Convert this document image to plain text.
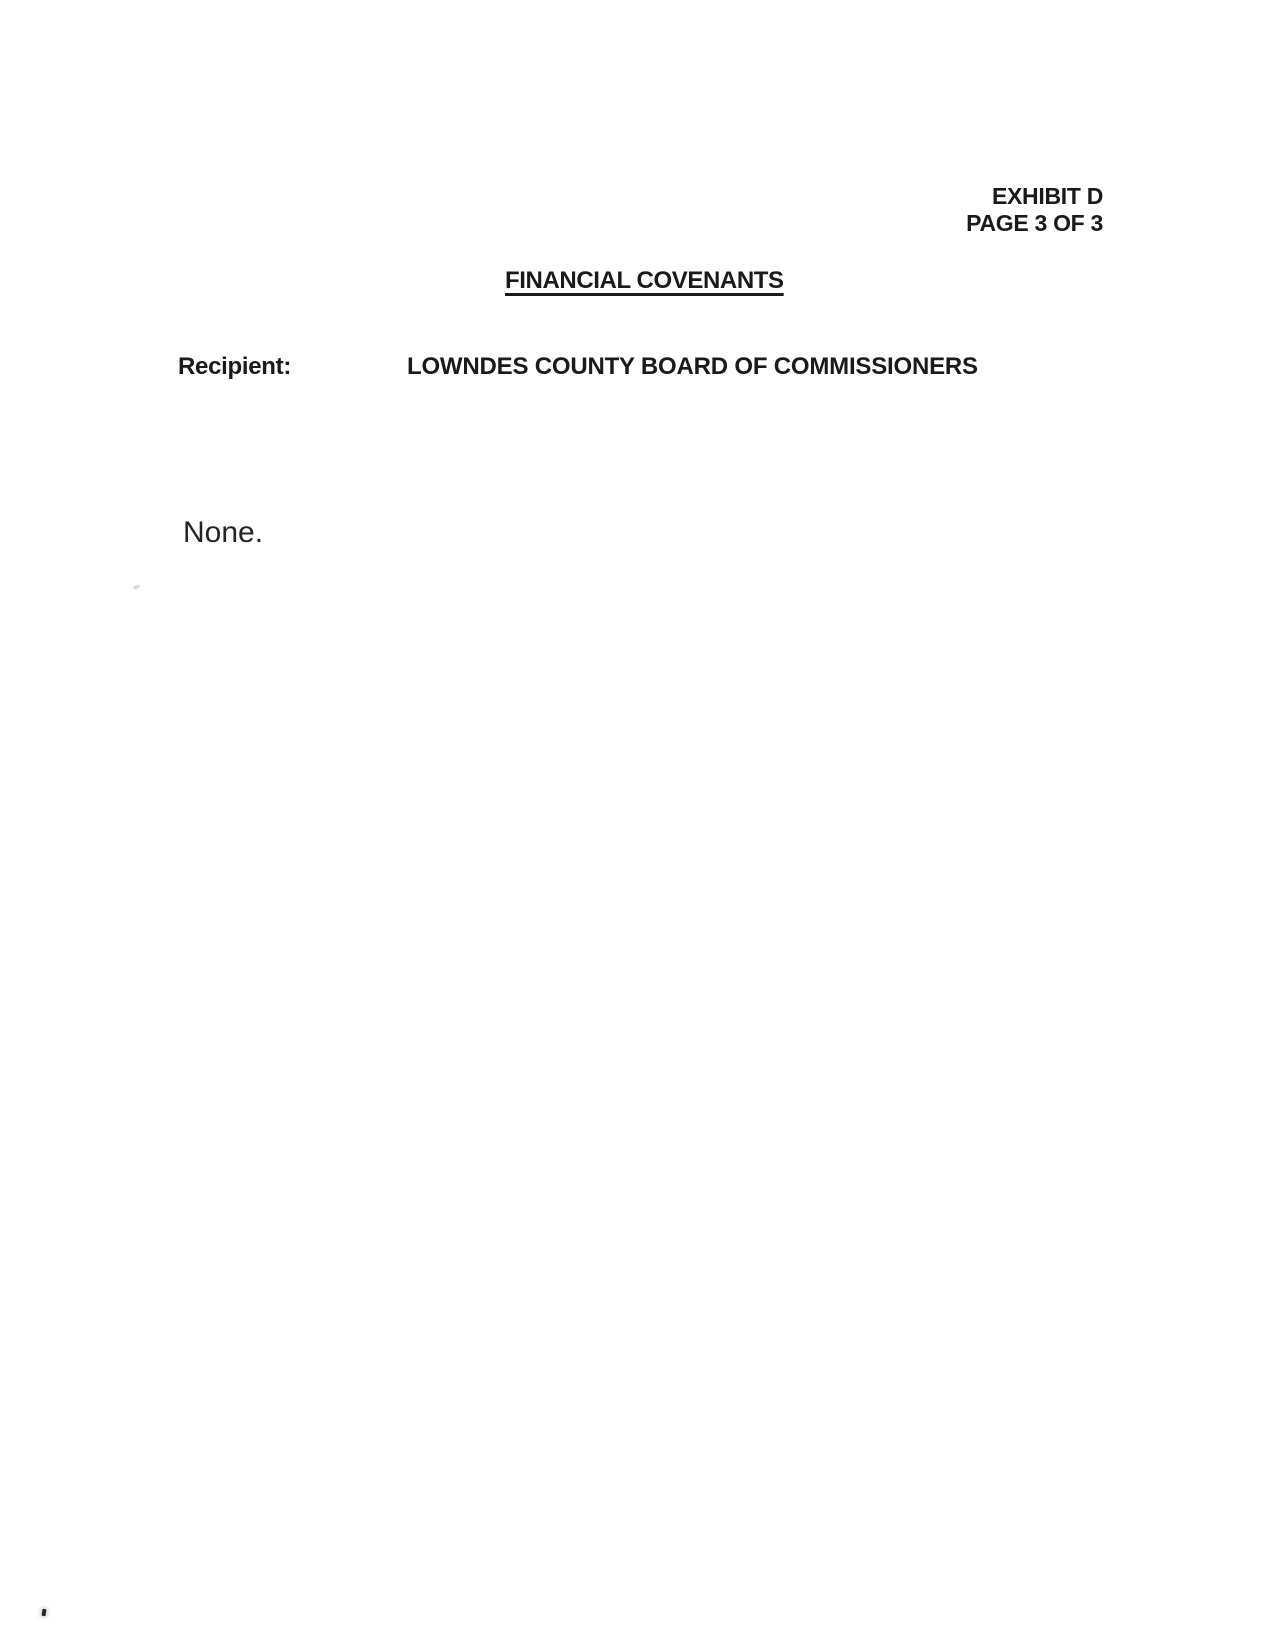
EXHIBIT D
PAGE 3 OF 3
FINANCIAL COVENANTS
Recipient:	LOWNDES COUNTY BOARD OF COMMISSIONERS
None.
